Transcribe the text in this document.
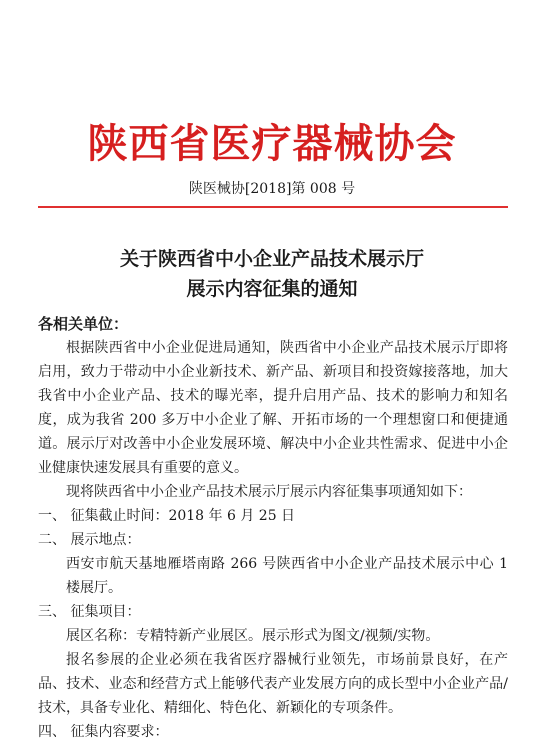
陕西省医疗器械协会
陕医械协[2018]第 008 号
关于陕西省中小企业产品技术展示厅
展示内容征集的通知

各相关单位：

根据陕西省中小企业促进局通知，陕西省中小企业产品技术展示厅即将启用，致力于带动中小企业新技术、新产品、新项目和投资嫁接落地，加大我省中小企业产品、技术的曝光率，提升启用产品、技术的影响力和知名度，成为我省 200 多万中小企业了解、开拓市场的一个理想窗口和便捷通道。展示厅对改善中小企业发展环境、解决中小企业共性需求、促进中小企业健康快速发展具有重要的意义。

现将陕西省中小企业产品技术展示厅展示内容征集事项通知如下：

一、 征集截止时间：2018 年 6 月 25 日

二、 展示地点：

西安市航天基地雁塔南路 266 号陕西省中小企业产品技术展示中心 1 楼展厅。

三、 征集项目：

展区名称：专精特新产业展区。展示形式为图文/视频/实物。

报名参展的企业必须在我省医疗器械行业领先，市场前景良好，在产品、技术、业态和经营方式上能够代表产业发展方向的成长型中小企业产品/技术，具备专业化、精细化、特色化、新颖化的专项条件。

四、 征集内容要求：
